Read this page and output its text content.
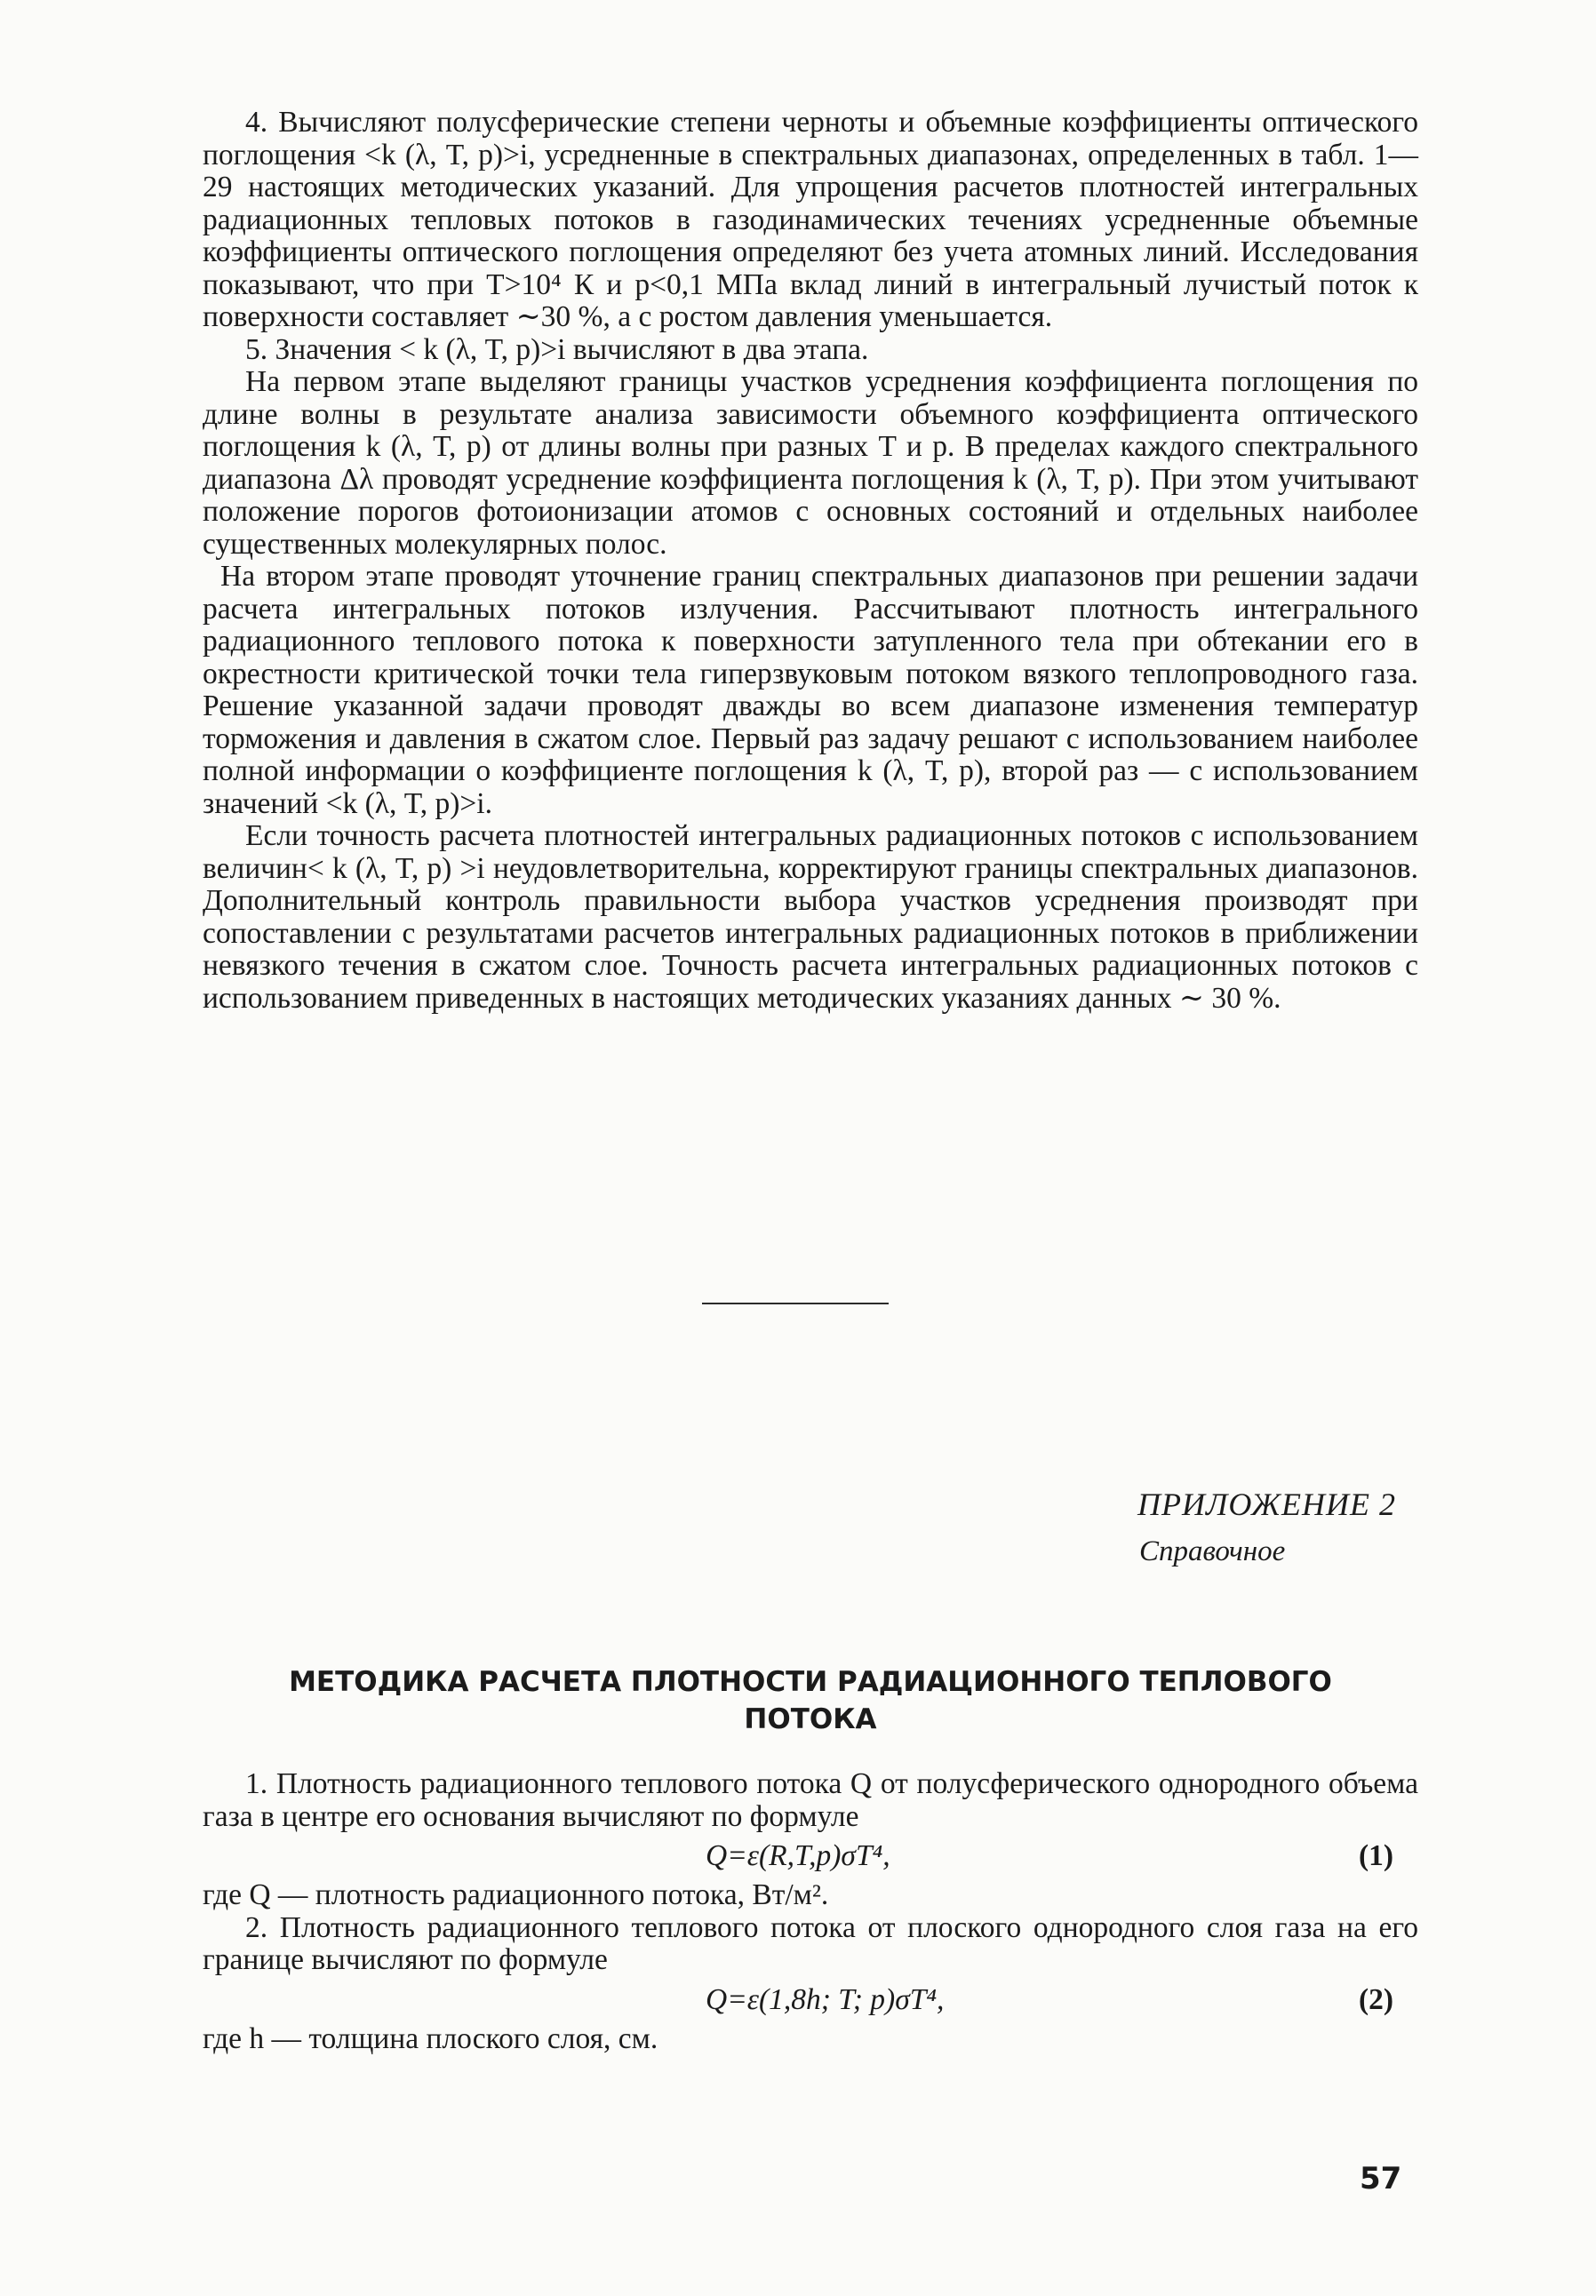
4. Вычисляют полусферические степени черноты и объемные коэффициенты оптического поглощения <k (λ, T, p)>i, усредненные в спектральных диапазонах, определенных в табл. 1—29 настоящих методических указаний. Для упрощения расчетов плотностей интегральных радиационных тепловых потоков в газодинамических течениях усредненные объемные коэффициенты оптического поглощения определяют без учета атомных линий. Исследования показывают, что при T>10⁴ К и p<0,1 МПа вклад линий в интегральный лучистый поток к поверхности составляет ∼30 %, а с ростом давления уменьшается.

5. Значения < k (λ, T, p)>i вычисляют в два этапа.

На первом этапе выделяют границы участков усреднения коэффициента поглощения по длине волны в результате анализа зависимости объемного коэффициента оптического поглощения k (λ, T, p) от длины волны при разных T и p. В пределах каждого спектрального диапазона Δλ проводят усреднение коэффициента поглощения k (λ, T, p). При этом учитывают положение порогов фотоионизации атомов с основных состояний и отдельных наиболее существенных молекулярных полос.

На втором этапе проводят уточнение границ спектральных диапазонов при решении задачи расчета интегральных потоков излучения. Рассчитывают плотность интегрального радиационного теплового потока к поверхности затупленного тела при обтекании его в окрестности критической точки тела гиперзвуковым потоком вязкого теплопроводного газа. Решение указанной задачи проводят дважды во всем диапазоне изменения температур торможения и давления в сжатом слое. Первый раз задачу решают с использованием наиболее полной информации о коэффициенте поглощения k (λ, T, p), второй раз — с использованием значений <k (λ, T, p)>i.

Если точность расчета плотностей интегральных радиационных потоков с использованием величин< k (λ, T, p) >i неудовлетворительна, корректируют границы спектральных диапазонов. Дополнительный контроль правильности выбора участков усреднения производят при сопоставлении с результатами расчетов интегральных радиационных потоков в приближении невязкого течения в сжатом слое. Точность расчета интегральных радиационных потоков с использованием приведенных в настоящих методических указаниях данных ∼ 30 %.

ПРИЛОЖЕНИЕ 2
Справочное
МЕТОДИКА РАСЧЕТА ПЛОТНОСТИ РАДИАЦИОННОГО ТЕПЛОВОГО
ПОТОКА

1. Плотность радиационного теплового потока Q от полусферического однородного объема газа в центре его основания вычисляют по формуле

Q=ε(R,T,p)σT⁴,	(1)

где Q — плотность радиационного потока, Вт/м².

2. Плотность радиационного теплового потока от плоского однородного слоя газа на его границе вычисляют по формуле

Q=ε(1,8h; T; p)σT⁴,	(2)

где h — толщина плоского слоя, см.

57
